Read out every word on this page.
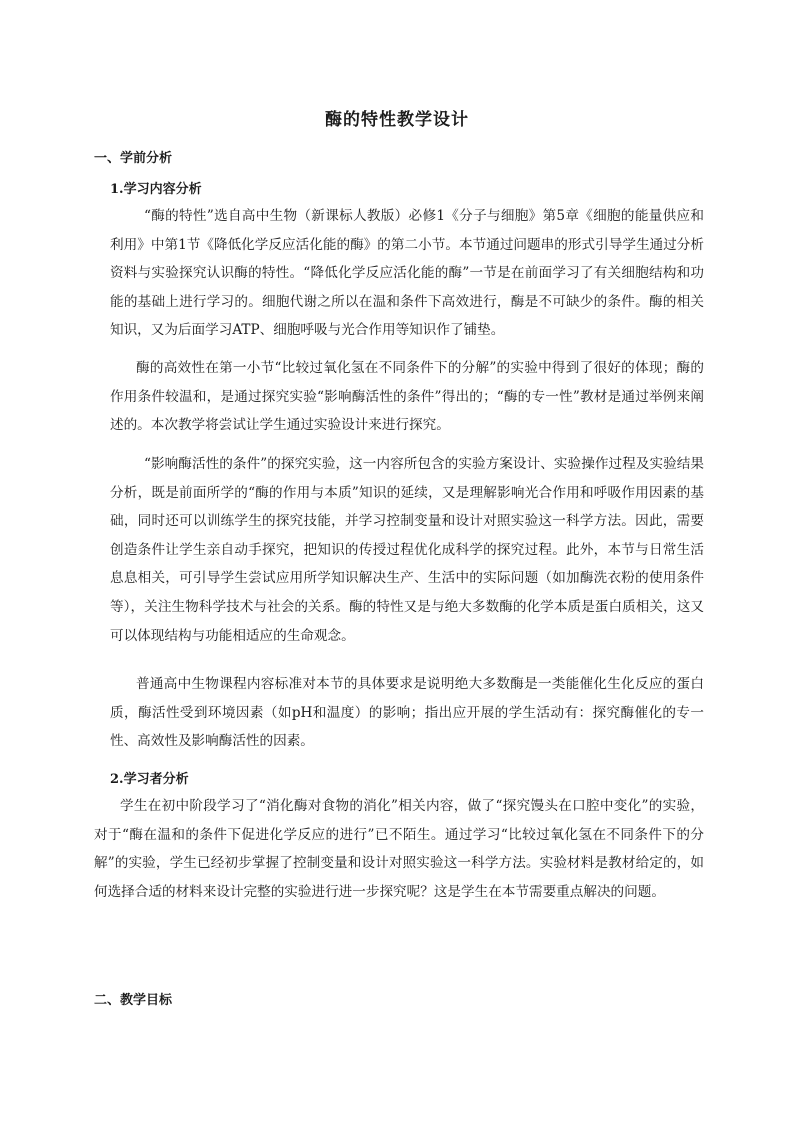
酶的特性教学设计
一、学前分析
1.学习内容分析

“酶的特性”选自高中生物（新课标人教版）必修1《分子与细胞》第5章《细胞的能量供应和利用》中第1节《降低化学反应活化能的酶》的第二小节。本节通过问题串的形式引导学生通过分析资料与实验探究认识酶的特性。“降低化学反应活化能的酶”一节是在前面学习了有关细胞结构和功能的基础上进行学习的。细胞代谢之所以在温和条件下高效进行，酶是不可缺少的条件。酶的相关知识，又为后面学习ATP、细胞呼吸与光合作用等知识作了铺垫。

酶的高效性在第一小节“比较过氧化氢在不同条件下的分解”的实验中得到了很好的体现；酶的作用条件较温和，是通过探究实验“影响酶活性的条件”得出的；“酶的专一性”教材是通过举例来阐述的。本次教学将尝试让学生通过实验设计来进行探究。

“影响酶活性的条件”的探究实验，这一内容所包含的实验方案设计、实验操作过程及实验结果分析，既是前面所学的“酶的作用与本质”知识的延续，又是理解影响光合作用和呼吸作用因素的基础，同时还可以训练学生的探究技能，并学习控制变量和设计对照实验这一科学方法。因此，需要创造条件让学生亲自动手探究，把知识的传授过程优化成科学的探究过程。此外，本节与日常生活息息相关，可引导学生尝试应用所学知识解决生产、生活中的实际问题（如加酶洗衣粉的使用条件等），关注生物科学技术与社会的关系。酶的特性又是与绝大多数酶的化学本质是蛋白质相关，这又可以体现结构与功能相适应的生命观念。

普通高中生物课程内容标准对本节的具体要求是说明绝大多数酶是一类能催化生化反应的蛋白质，酶活性受到环境因素（如pH和温度）的影响；指出应开展的学生活动有：探究酶催化的专一性、高效性及影响酶活性的因素。

2.学习者分析

学生在初中阶段学习了“消化酶对食物的消化”相关内容，做了“探究馒头在口腔中变化”的实验，对于“酶在温和的条件下促进化学反应的进行”已不陌生。通过学习“比较过氧化氢在不同条件下的分解”的实验，学生已经初步掌握了控制变量和设计对照实验这一科学方法。实验材料是教材给定的，如何选择合适的材料来设计完整的实验进行进一步探究呢？这是学生在本节需要重点解决的问题。

二、教学目标
